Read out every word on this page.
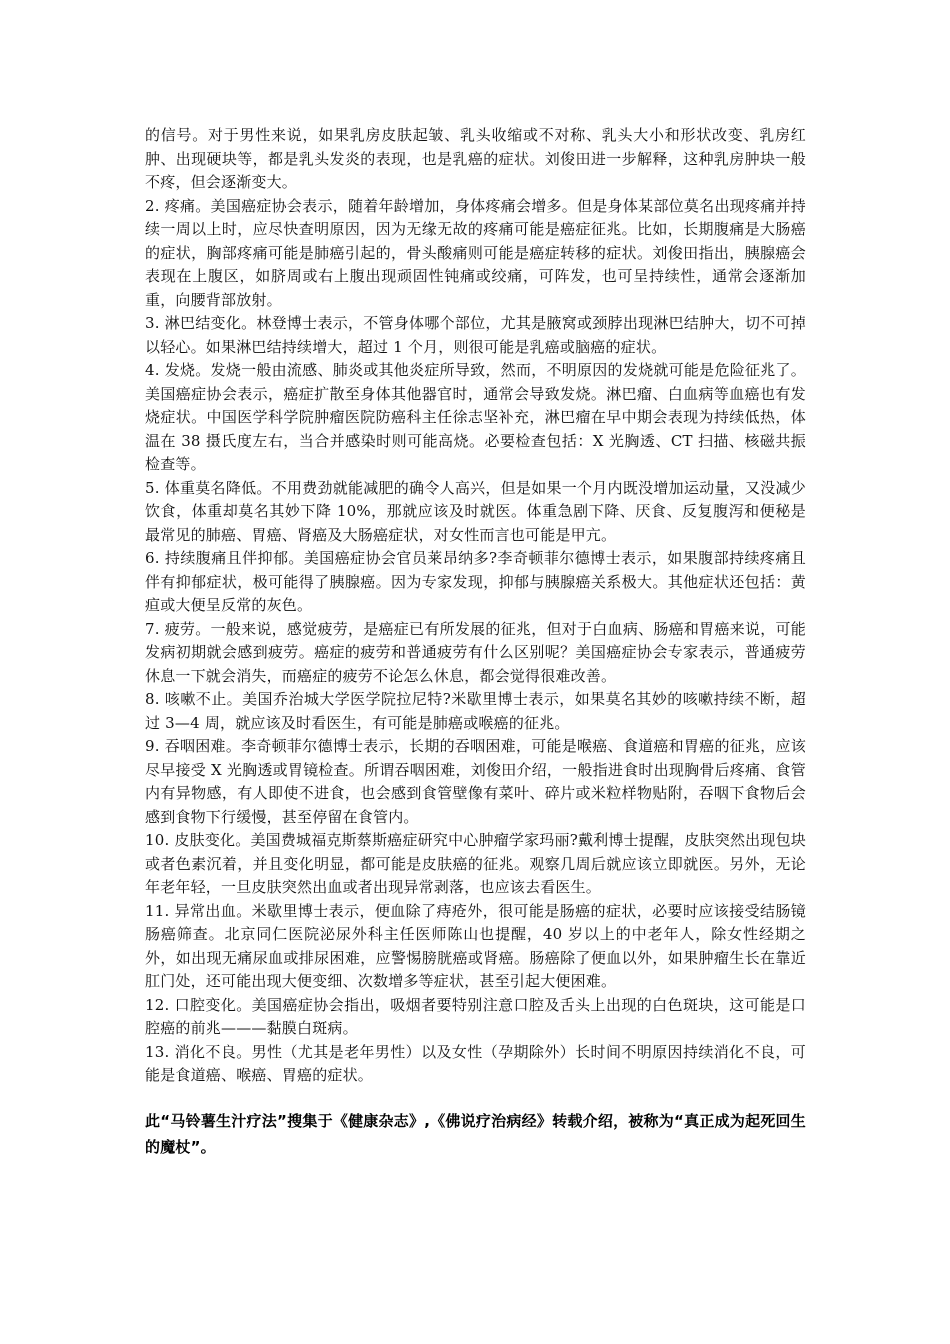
的信号。对于男性来说，如果乳房皮肤起皱、乳头收缩或不对称、乳头大小和形状改变、乳房红肿、出现硬块等，都是乳头发炎的表现，也是乳癌的症状。刘俊田进一步解释，这种乳房肿块一般不疼，但会逐渐变大。

2. 疼痛。美国癌症协会表示，随着年龄增加，身体疼痛会增多。但是身体某部位莫名出现疼痛并持续一周以上时，应尽快查明原因，因为无缘无故的疼痛可能是癌症征兆。比如，长期腹痛是大肠癌的症状，胸部疼痛可能是肺癌引起的，骨头酸痛则可能是癌症转移的症状。刘俊田指出，胰腺癌会表现在上腹区，如脐周或右上腹出现顽固性钝痛或绞痛，可阵发，也可呈持续性，通常会逐渐加重，向腰背部放射。

3. 淋巴结变化。林登博士表示，不管身体哪个部位，尤其是腋窝或颈脖出现淋巴结肿大，切不可掉以轻心。如果淋巴结持续增大，超过 1 个月，则很可能是乳癌或脑癌的症状。

4. 发烧。发烧一般由流感、肺炎或其他炎症所导致，然而，不明原因的发烧就可能是危险征兆了。美国癌症协会表示，癌症扩散至身体其他器官时，通常会导致发烧。淋巴瘤、白血病等血癌也有发烧症状。中国医学科学院肿瘤医院防癌科主任徐志坚补充，淋巴瘤在早中期会表现为持续低热，体温在 38 摄氏度左右，当合并感染时则可能高烧。必要检查包括：X 光胸透、CT 扫描、核磁共振检查等。

5. 体重莫名降低。不用费劲就能减肥的确令人高兴，但是如果一个月内既没增加运动量，又没减少饮食，体重却莫名其妙下降 10%，那就应该及时就医。体重急剧下降、厌食、反复腹泻和便秘是最常见的肺癌、胃癌、肾癌及大肠癌症状，对女性而言也可能是甲亢。

6. 持续腹痛且伴抑郁。美国癌症协会官员莱昂纳多?李奇顿菲尔德博士表示，如果腹部持续疼痛且伴有抑郁症状，极可能得了胰腺癌。因为专家发现，抑郁与胰腺癌关系极大。其他症状还包括：黄疸或大便呈反常的灰色。

7. 疲劳。一般来说，感觉疲劳，是癌症已有所发展的征兆，但对于白血病、肠癌和胃癌来说，可能发病初期就会感到疲劳。癌症的疲劳和普通疲劳有什么区别呢？美国癌症协会专家表示，普通疲劳休息一下就会消失，而癌症的疲劳不论怎么休息，都会觉得很难改善。

8. 咳嗽不止。美国乔治城大学医学院拉尼特?米歇里博士表示，如果莫名其妙的咳嗽持续不断，超过 3—4 周，就应该及时看医生，有可能是肺癌或喉癌的征兆。

9. 吞咽困难。李奇顿菲尔德博士表示，长期的吞咽困难，可能是喉癌、食道癌和胃癌的征兆，应该尽早接受 X 光胸透或胃镜检查。所谓吞咽困难，刘俊田介绍，一般指进食时出现胸骨后疼痛、食管内有异物感，有人即使不进食，也会感到食管壁像有菜叶、碎片或米粒样物贴附，吞咽下食物后会感到食物下行缓慢，甚至停留在食管内。

10. 皮肤变化。美国费城福克斯蔡斯癌症研究中心肿瘤学家玛丽?戴利博士提醒，皮肤突然出现包块或者色素沉着，并且变化明显，都可能是皮肤癌的征兆。观察几周后就应该立即就医。另外，无论年老年轻，一旦皮肤突然出血或者出现异常剥落，也应该去看医生。

11. 异常出血。米歇里博士表示，便血除了痔疮外，很可能是肠癌的症状，必要时应该接受结肠镜肠癌筛查。北京同仁医院泌尿外科主任医师陈山也提醒，40 岁以上的中老年人，除女性经期之外，如出现无痛尿血或排尿困难，应警惕膀胱癌或肾癌。肠癌除了便血以外，如果肿瘤生长在靠近肛门处，还可能出现大便变细、次数增多等症状，甚至引起大便困难。

12. 口腔变化。美国癌症协会指出，吸烟者要特别注意口腔及舌头上出现的白色斑块，这可能是口腔癌的前兆———黏膜白斑病。

13. 消化不良。男性（尤其是老年男性）以及女性（孕期除外）长时间不明原因持续消化不良，可能是食道癌、喉癌、胃癌的症状。

此“马铃薯生汁疗法”搜集于《健康杂志》,《佛说疗治病经》转载介绍，被称为“真正成为起死回生的魔杖”。
